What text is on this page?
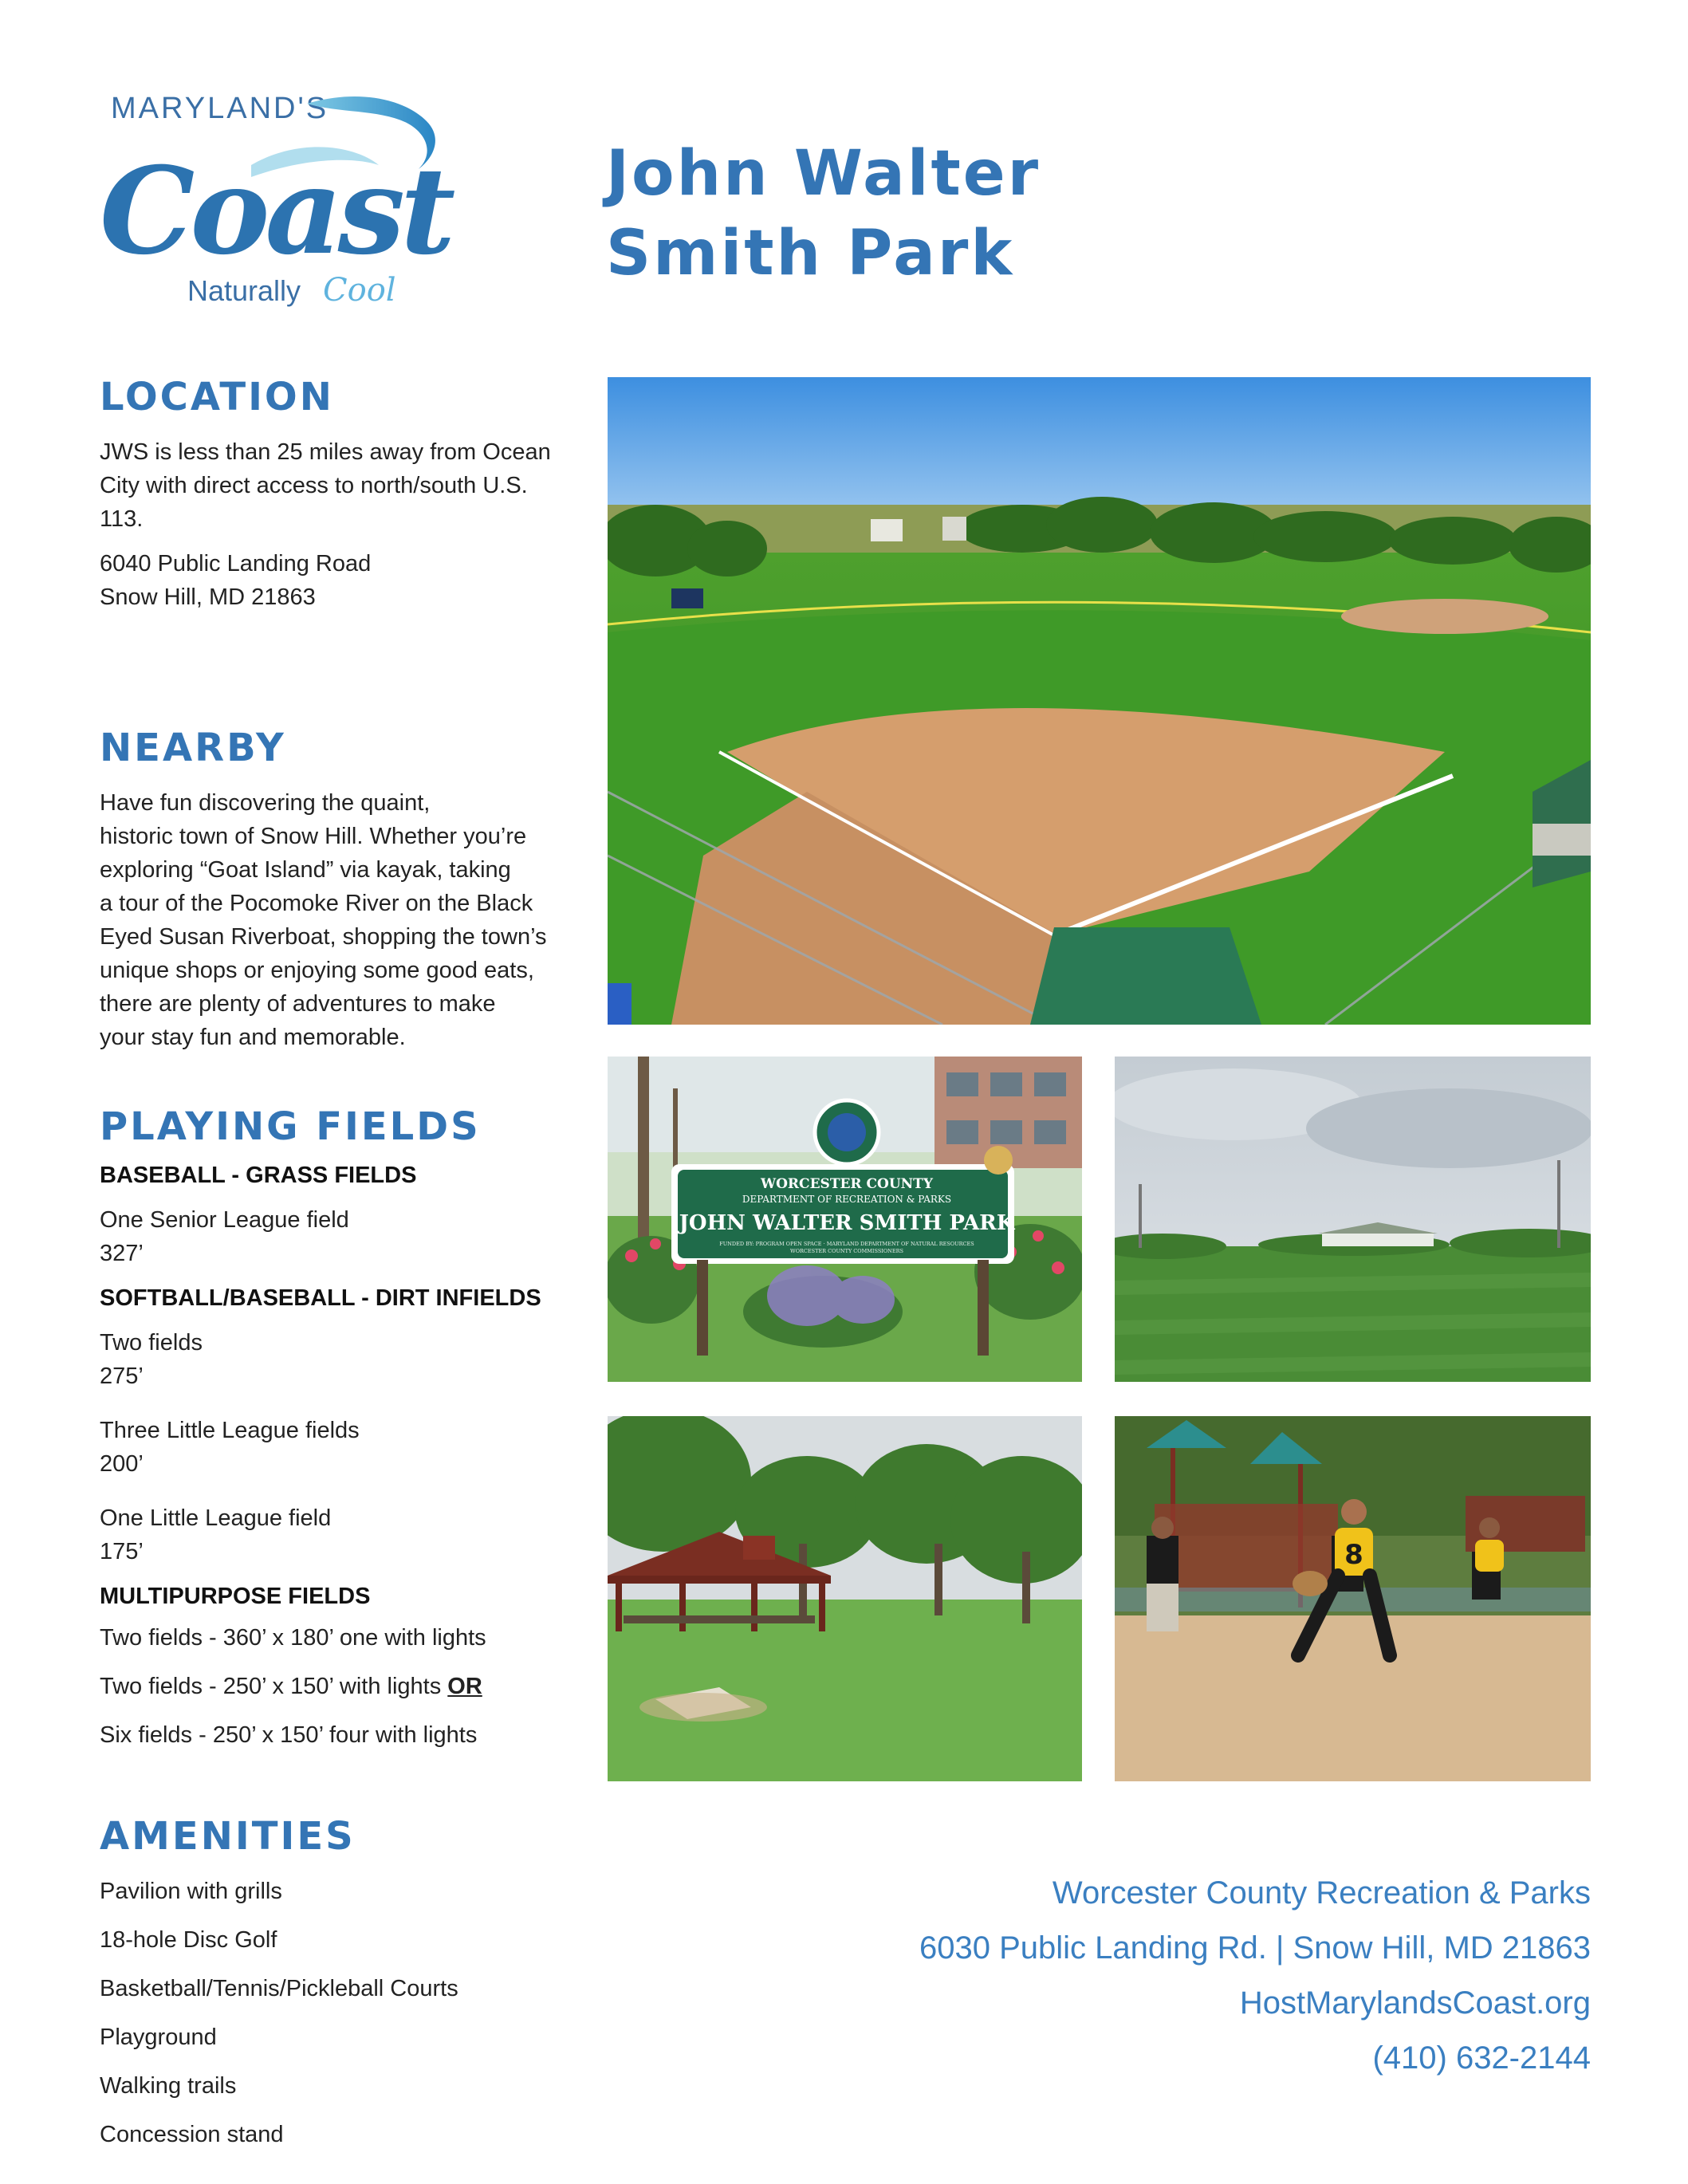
MARYLAND'S
Coast
Naturally Cool
John Walter
Smith Park
LOCATION

JWS is less than 25 miles away from Ocean

City with direct access to north/south U.S.

113.

6040 Public Landing Road

Snow Hill, MD 21863

NEARBY

Have fun discovering the quaint,

historic town of Snow Hill. Whether you’re

exploring “Goat Island” via kayak, taking

a tour of the Pocomoke River on the Black

Eyed Susan Riverboat, shopping the town’s

unique shops or enjoying some good eats,

there are plenty of adventures to make

your stay fun and memorable.

PLAYING FIELDS

BASEBALL - GRASS FIELDS

One Senior League field

327’

SOFTBALL/BASEBALL - DIRT INFIELDS

Two fields

275’

Three Little League fields

200’

One Little League field

175’

MULTIPURPOSE FIELDS

Two fields - 360’ x 180’ one with lights

Two fields - 250’ x 150’ with lights OR

Six fields - 250’ x 150’ four with lights

AMENITIES

Pavilion with grills

18-hole Disc Golf

Basketball/Tennis/Pickleball Courts

Playground

Walking trails

Concession stand

WORCESTER COUNTY
DEPARTMENT OF RECREATION & PARKS
JOHN WALTER SMITH PARK
FUNDED BY: PROGRAM OPEN SPACE · MARYLAND DEPARTMENT OF NATURAL RESOURCES
WORCESTER COUNTY COMMISSIONERS
8
Worcester County Recreation & Parks
6030 Public Landing Rd. | Snow Hill, MD 21863
HostMarylandsCoast.org
(410) 632-2144
